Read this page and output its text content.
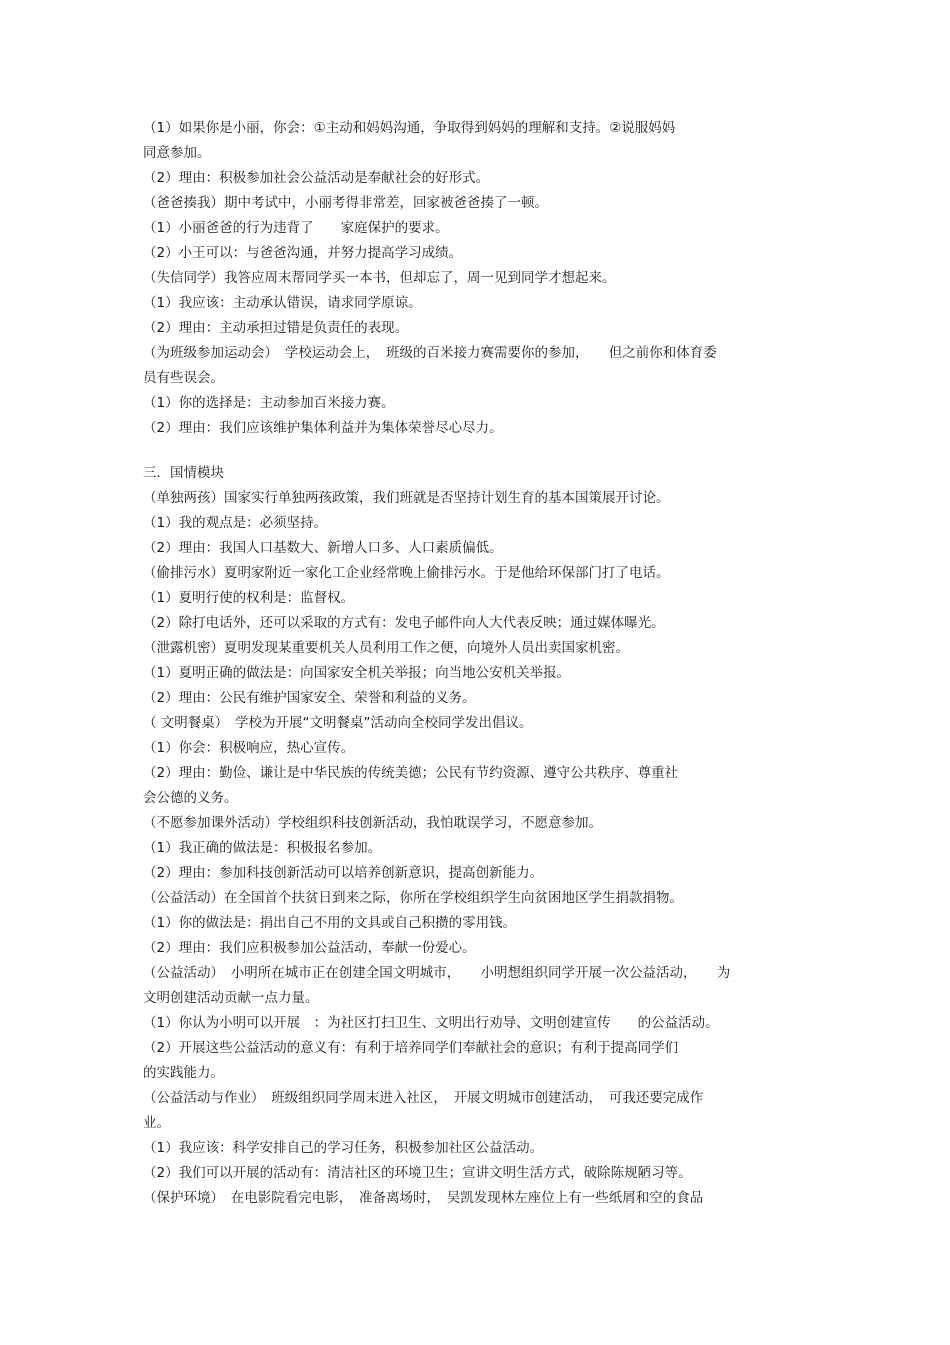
（1）如果你是小丽，你会：①主动和妈妈沟通，争取得到妈妈的理解和支持。②说服妈妈
同意参加。
（2）理由：积极参加社会公益活动是奉献社会的好形式。
（爸爸揍我）期中考试中，小丽考得非常差，回家被爸爸揍了一顿。
（1）小丽爸爸的行为违背了　　家庭保护的要求。
（2）小王可以：与爸爸沟通，并努力提高学习成绩。
（失信同学）我答应周末帮同学买一本书，但却忘了，周一见到同学才想起来。
（1）我应该：主动承认错误，请求同学原谅。
（2）理由：主动承担过错是负责任的表现。
（为班级参加运动会）　学校运动会上，　班级的百米接力赛需要你的参加，　　但之前你和体育委
员有些误会。
（1）你的选择是：主动参加百米接力赛。
（2）理由：我们应该维护集体利益并为集体荣誉尽心尽力。
三．国情模块
（单独两孩）国家实行单独两孩政策，我们班就是否坚持计划生育的基本国策展开讨论。
（1）我的观点是：必须坚持。
（2）理由：我国人口基数大、新增人口多、人口素质偏低。
（偷排污水）夏明家附近一家化工企业经常晚上偷排污水。于是他给环保部门打了电话。
（1）夏明行使的权利是：监督权。
（2）除打电话外，还可以采取的方式有：发电子邮件向人大代表反映；通过媒体曝光。
（泄露机密）夏明发现某重要机关人员利用工作之便，向境外人员出卖国家机密。
（1）夏明正确的做法是：向国家安全机关举报；向当地公安机关举报。
（2）理由：公民有维护国家安全、荣誉和利益的义务。
（ 文明餐桌）　学校为开展“文明餐桌”活动向全校同学发出倡议。
（1）你会：积极响应，热心宣传。
（2）理由：勤俭、谦让是中华民族的传统美德；公民有节约资源、遵守公共秩序、尊重社
会公德的义务。
（不愿参加课外活动）学校组织科技创新活动，我怕耽误学习，不愿意参加。
（1）我正确的做法是：积极报名参加。
（2）理由：参加科技创新活动可以培养创新意识，提高创新能力。
（公益活动）在全国首个扶贫日到来之际，你所在学校组织学生向贫困地区学生捐款捐物。
（1）你的做法是：捐出自己不用的文具或自己积攒的零用钱。
（2）理由：我们应积极参加公益活动，奉献一份爱心。
（公益活动）　小明所在城市正在创建全国文明城市，　　小明想组织同学开展一次公益活动，　　为
文明创建活动贡献一点力量。
（1）你认为小明可以开展　：为社区打扫卫生、文明出行劝导、文明创建宣传　　的公益活动。
（2）开展这些公益活动的意义有：有利于培养同学们奉献社会的意识；有利于提高同学们
的实践能力。
（公益活动与作业）　班级组织同学周末进入社区，　开展文明城市创建活动，　可我还要完成作
业。
（1）我应该：科学安排自己的学习任务，积极参加社区公益活动。
（2）我们可以开展的活动有：清洁社区的环境卫生；宣讲文明生活方式，破除陈规陋习等。
（保护环境）　在电影院看完电影，　准备离场时，　吴凯发现林左座位上有一些纸屑和空的食品
